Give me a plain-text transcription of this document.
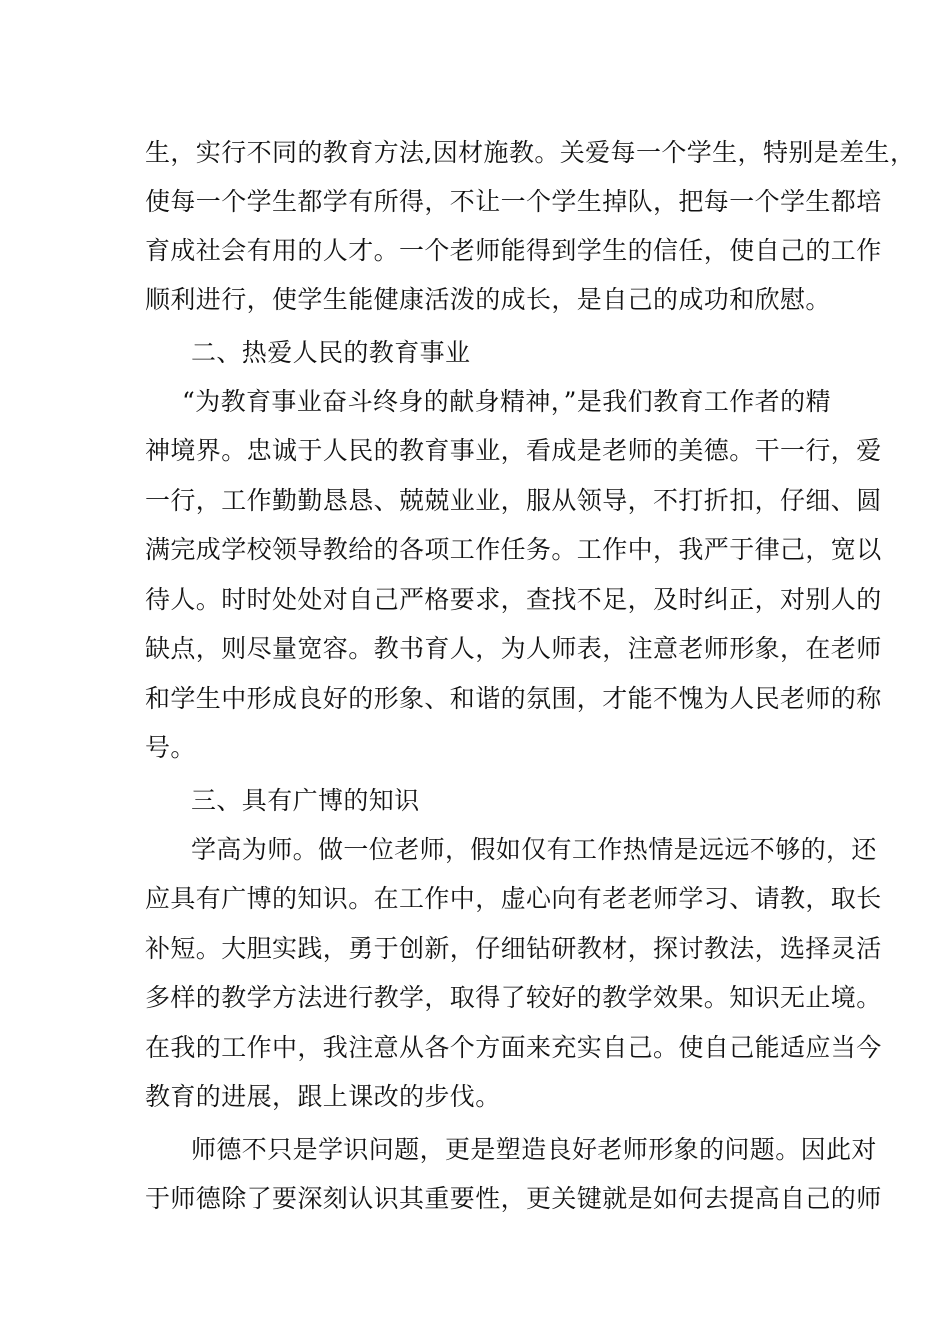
生，实行不同的教育方法,因材施教。关爱每一个学生，特别是差生，
使每一个学生都学有所得，不让一个学生掉队，把每一个学生都培
育成社会有用的人才。一个老师能得到学生的信任，使自己的工作
顺利进行，使学生能健康活泼的成长，是自己的成功和欣慰。
二、热爱人民的教育事业
“为教育事业奋斗终身的献身精神，”是我们教育工作者的精
神境界。忠诚于人民的教育事业，看成是老师的美德。干一行，爱
一行，工作勤勤恳恳、兢兢业业，服从领导，不打折扣，仔细、圆
满完成学校领导教给的各项工作任务。工作中，我严于律己，宽以
待人。时时处处对自己严格要求，查找不足，及时纠正，对别人的
缺点，则尽量宽容。教书育人，为人师表，注意老师形象，在老师
和学生中形成良好的形象、和谐的氛围，才能不愧为人民老师的称
号。
三、具有广博的知识
学高为师。做一位老师，假如仅有工作热情是远远不够的，还
应具有广博的知识。在工作中，虚心向有老老师学习、请教，取长
补短。大胆实践，勇于创新，仔细钻研教材，探讨教法，选择灵活
多样的教学方法进行教学，取得了较好的教学效果。知识无止境。
在我的工作中，我注意从各个方面来充实自己。使自己能适应当今
教育的进展，跟上课改的步伐。
师德不只是学识问题，更是塑造良好老师形象的问题。因此对
于师德除了要深刻认识其重要性，更关键就是如何去提高自己的师
